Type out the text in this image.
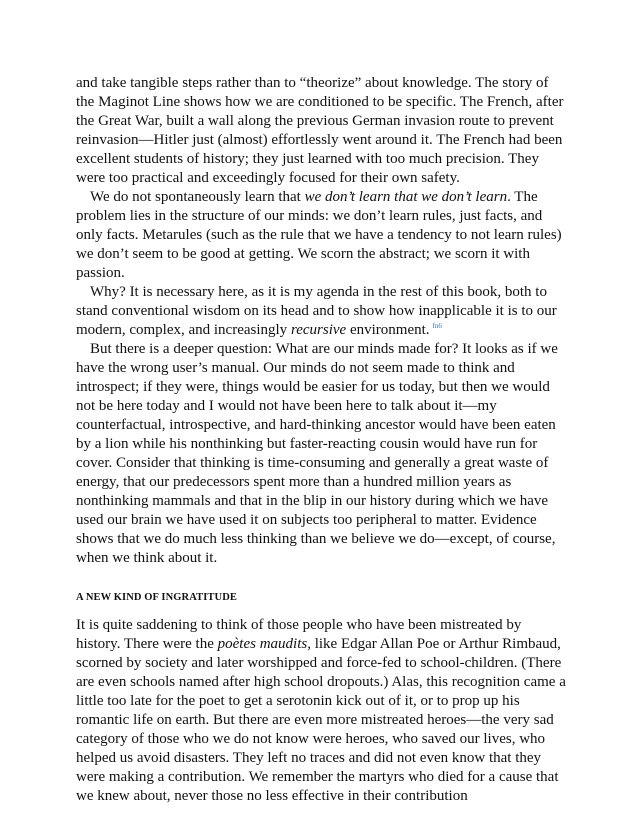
and take tangible steps rather than to “theorize” about knowledge. The story of the Maginot Line shows how we are conditioned to be specific. The French, after the Great War, built a wall along the previous German invasion route to prevent reinvasion—Hitler just (almost) effortlessly went around it. The French had been excellent students of history; they just learned with too much precision. They were too practical and exceedingly focused for their own safety.

We do not spontaneously learn that we don’t learn that we don’t learn. The problem lies in the structure of our minds: we don’t learn rules, just facts, and only facts. Metarules (such as the rule that we have a tendency to not learn rules) we don’t seem to be good at getting. We scorn the abstract; we scorn it with passion.

Why? It is necessary here, as it is my agenda in the rest of this book, both to stand conventional wisdom on its head and to show how inapplicable it is to our modern, complex, and increasingly recursive environment. $^{fn6}$

But there is a deeper question: What are our minds made for? It looks as if we have the wrong user’s manual. Our minds do not seem made to think and introspect; if they were, things would be easier for us today, but then we would not be here today and I would not have been here to talk about it—my counterfactual, introspective, and hard-thinking ancestor would have been eaten by a lion while his nonthinking but faster-reacting cousin would have run for cover. Consider that thinking is time-consuming and generally a great waste of energy, that our predecessors spent more than a hundred million years as nonthinking mammals and that in the blip in our history during which we have used our brain we have used it on subjects too peripheral to matter. Evidence shows that we do much less thinking than we believe we do—except, of course, when we think about it.

A NEW KIND OF INGRATITUDE

It is quite saddening to think of those people who have been mistreated by history. There were the poètes maudits, like Edgar Allan Poe or Arthur Rimbaud, scorned by society and later worshipped and force-fed to school-children. (There are even schools named after high school dropouts.) Alas, this recognition came a little too late for the poet to get a serotonin kick out of it, or to prop up his romantic life on earth. But there are even more mistreated heroes—the very sad category of those who we do not know were heroes, who saved our lives, who helped us avoid disasters. They left no traces and did not even know that they were making a contribution. We remember the martyrs who died for a cause that we knew about, never those no less effective in their contribution
